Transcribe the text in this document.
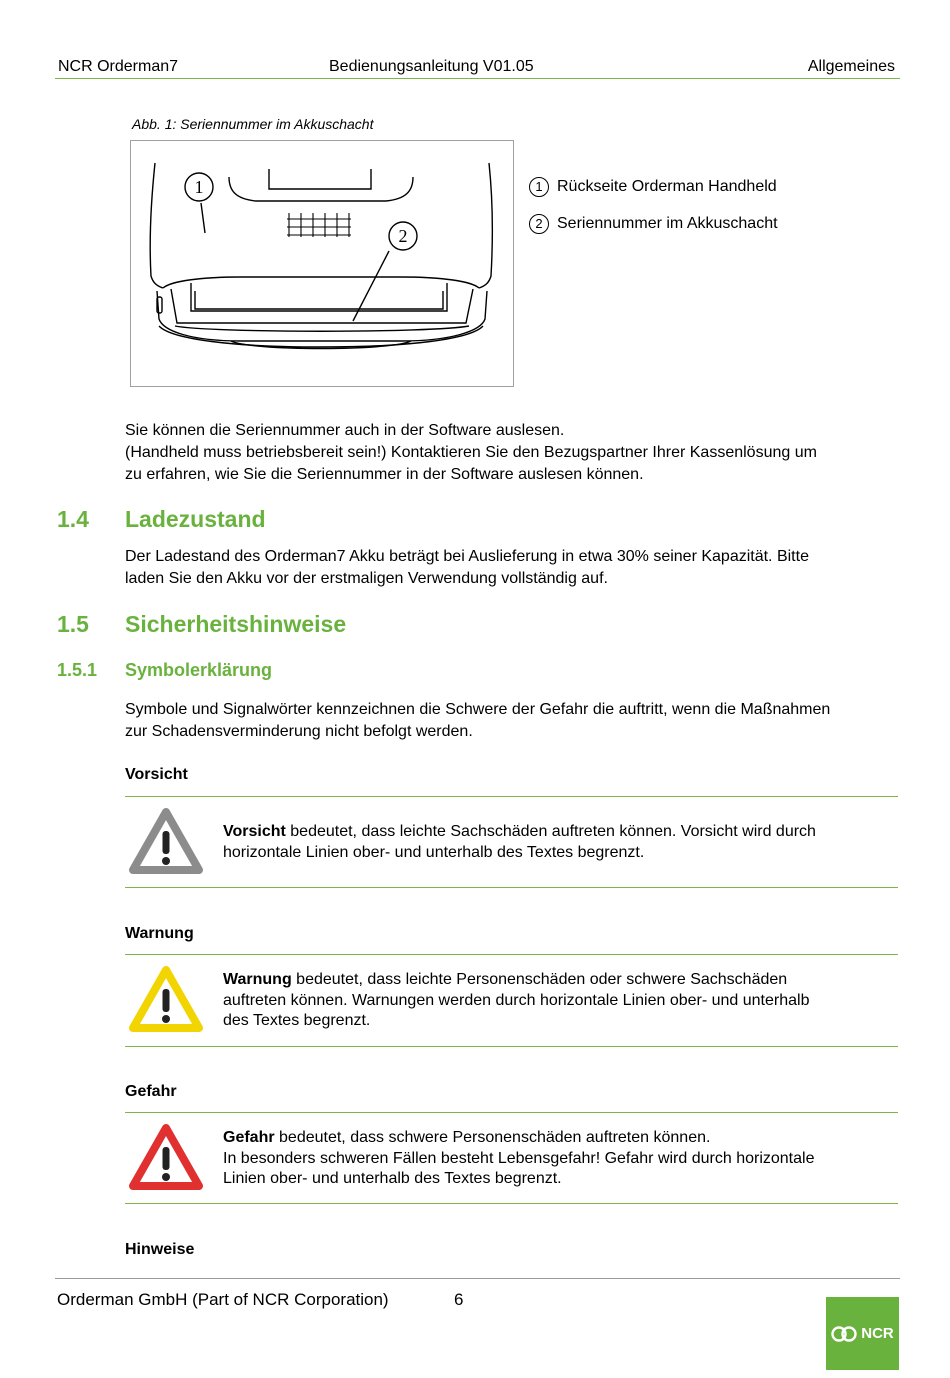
NCR Orderman7	Bedienungsanleitung V01.05	Allgemeines
Abb. 1: Seriennummer im Akkuschacht
1
2
1 Rückseite Orderman Handheld
2 Seriennummer im Akkuschacht
Sie können die Seriennummer auch in der Software auslesen.
(Handheld muss betriebsbereit sein!) Kontaktieren Sie den Bezugspartner Ihrer Kassenlösung um
zu erfahren, wie Sie die Seriennummer in der Software auslesen können.
1.4 Ladezustand
Der Ladestand des Orderman7 Akku beträgt bei Auslieferung in etwa 30% seiner Kapazität. Bitte
laden Sie den Akku vor der erstmaligen Verwendung vollständig auf.
1.5 Sicherheitshinweise
1.5.1 Symbolerklärung
Symbole und Signalwörter kennzeichnen die Schwere der Gefahr die auftritt, wenn die Maßnahmen
zur Schadensverminderung nicht befolgt werden.
Vorsicht
Vorsicht bedeutet, dass leichte Sachschäden auftreten können. Vorsicht wird durch
horizontale Linien ober- und unterhalb des Textes begrenzt.
Warnung
Warnung bedeutet, dass leichte Personenschäden oder schwere Sachschäden
auftreten können. Warnungen werden durch horizontale Linien ober- und unterhalb
des Textes begrenzt.
Gefahr
Gefahr bedeutet, dass schwere Personenschäden auftreten können.
In besonders schweren Fällen besteht Lebensgefahr! Gefahr wird durch horizontale
Linien ober- und unterhalb des Textes begrenzt.
Hinweise
Orderman GmbH (Part of NCR Corporation)	6
NCR
